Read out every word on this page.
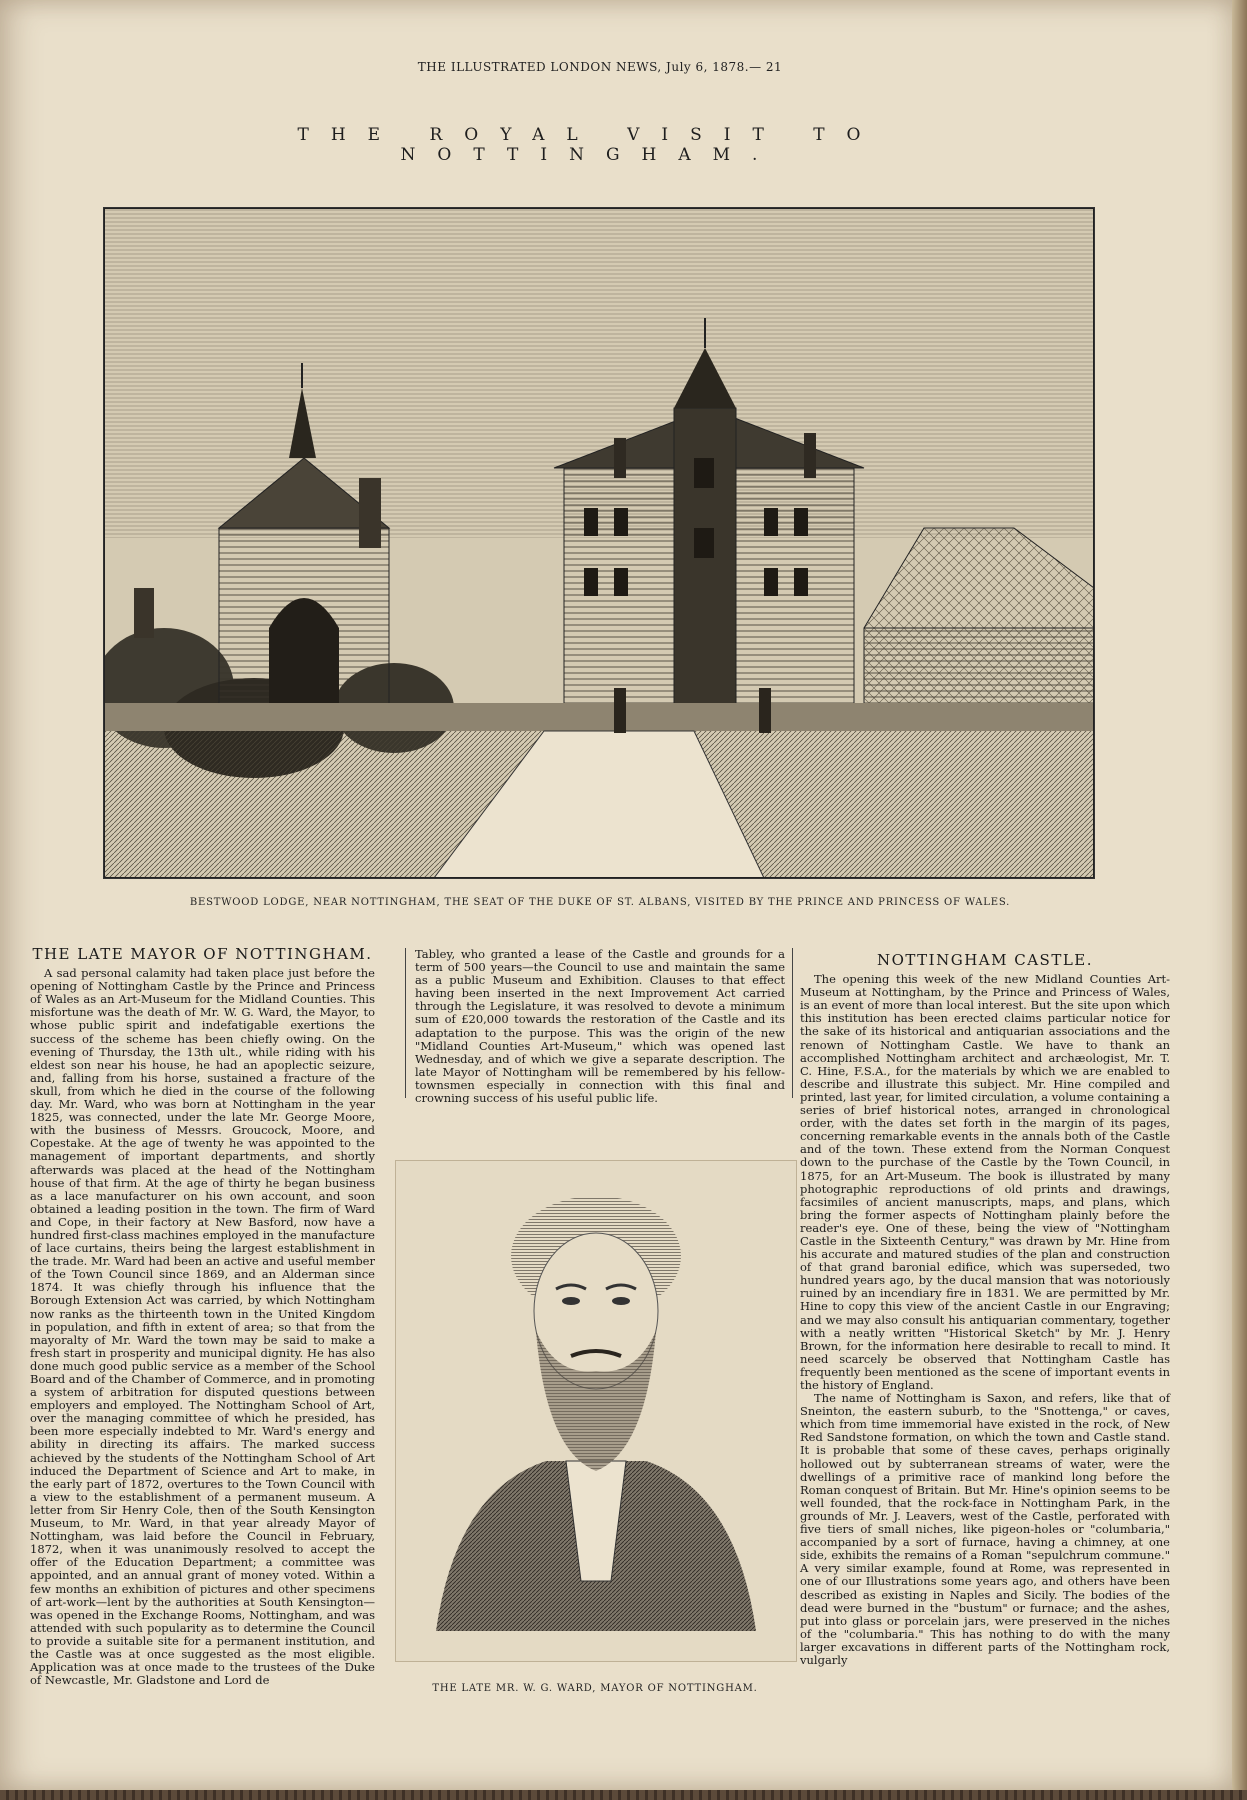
THE ILLUSTRATED LONDON NEWS, July 6, 1878.— 21
THE ROYAL VISIT TO NOTTINGHAM.
BESTWOOD LODGE, NEAR NOTTINGHAM, THE SEAT OF THE DUKE OF ST. ALBANS, VISITED BY THE PRINCE AND PRINCESS OF WALES.
THE LATE MAYOR OF NOTTINGHAM.

A sad personal calamity had taken place just before the opening of Nottingham Castle by the Prince and Princess of Wales as an Art-Museum for the Midland Counties. This misfortune was the death of Mr. W. G. Ward, the Mayor, to whose public spirit and indefatigable exertions the success of the scheme has been chiefly owing. On the evening of Thursday, the 13th ult., while riding with his eldest son near his house, he had an apoplectic seizure, and, falling from his horse, sustained a fracture of the skull, from which he died in the course of the following day. Mr. Ward, who was born at Nottingham in the year 1825, was connected, under the late Mr. George Moore, with the business of Messrs. Groucock, Moore, and Copestake. At the age of twenty he was appointed to the management of important departments, and shortly afterwards was placed at the head of the Nottingham house of that firm. At the age of thirty he began business as a lace manufacturer on his own account, and soon obtained a leading position in the town. The firm of Ward and Cope, in their factory at New Basford, now have a hundred first-class machines employed in the manufacture of lace curtains, theirs being the largest establishment in the trade. Mr. Ward had been an active and useful member of the Town Council since 1869, and an Alderman since 1874. It was chiefly through his influence that the Borough Extension Act was carried, by which Nottingham now ranks as the thirteenth town in the United Kingdom in population, and fifth in extent of area; so that from the mayoralty of Mr. Ward the town may be said to make a fresh start in prosperity and municipal dignity. He has also done much good public service as a member of the School Board and of the Chamber of Commerce, and in promoting a system of arbitration for disputed questions between employers and employed. The Nottingham School of Art, over the managing committee of which he presided, has been more especially indebted to Mr. Ward's energy and ability in directing its affairs. The marked success achieved by the students of the Nottingham School of Art induced the Department of Science and Art to make, in the early part of 1872, overtures to the Town Council with a view to the establishment of a permanent museum. A letter from Sir Henry Cole, then of the South Kensington Museum, to Mr. Ward, in that year already Mayor of Nottingham, was laid before the Council in February, 1872, when it was unanimously resolved to accept the offer of the Education Department; a committee was appointed, and an annual grant of money voted. Within a few months an exhibition of pictures and other specimens of art-work—lent by the authorities at South Kensington—was opened in the Exchange Rooms, Nottingham, and was attended with such popularity as to determine the Council to provide a suitable site for a permanent institution, and the Castle was at once suggested as the most eligible. Application was at once made to the trustees of the Duke of Newcastle, Mr. Gladstone and Lord de

Tabley, who granted a lease of the Castle and grounds for a term of 500 years—the Council to use and maintain the same as a public Museum and Exhibition. Clauses to that effect having been inserted in the next Improvement Act carried through the Legislature, it was resolved to devote a minimum sum of £20,000 towards the restoration of the Castle and its adaptation to the purpose. This was the origin of the new "Midland Counties Art-Museum," which was opened last Wednesday, and of which we give a separate description. The late Mayor of Nottingham will be remembered by his fellow-townsmen especially in connection with this final and crowning success of his useful public life.

THE LATE MR. W. G. WARD, MAYOR OF NOTTINGHAM.
NOTTINGHAM CASTLE.

The opening this week of the new Midland Counties Art-Museum at Nottingham, by the Prince and Princess of Wales, is an event of more than local interest. But the site upon which this institution has been erected claims particular notice for the sake of its historical and antiquarian associations and the renown of Nottingham Castle. We have to thank an accomplished Nottingham architect and archæologist, Mr. T. C. Hine, F.S.A., for the materials by which we are enabled to describe and illustrate this subject. Mr. Hine compiled and printed, last year, for limited circulation, a volume containing a series of brief historical notes, arranged in chronological order, with the dates set forth in the margin of its pages, concerning remarkable events in the annals both of the Castle and of the town. These extend from the Norman Conquest down to the purchase of the Castle by the Town Council, in 1875, for an Art-Museum. The book is illustrated by many photographic reproductions of old prints and drawings, facsimiles of ancient manuscripts, maps, and plans, which bring the former aspects of Nottingham plainly before the reader's eye. One of these, being the view of "Nottingham Castle in the Sixteenth Century," was drawn by Mr. Hine from his accurate and matured studies of the plan and construction of that grand baronial edifice, which was superseded, two hundred years ago, by the ducal mansion that was notoriously ruined by an incendiary fire in 1831. We are permitted by Mr. Hine to copy this view of the ancient Castle in our Engraving; and we may also consult his antiquarian commentary, together with a neatly written "Historical Sketch" by Mr. J. Henry Brown, for the information here desirable to recall to mind. It need scarcely be observed that Nottingham Castle has frequently been mentioned as the scene of important events in the history of England.

The name of Nottingham is Saxon, and refers, like that of Sneinton, the eastern suburb, to the "Snottenga," or caves, which from time immemorial have existed in the rock, of New Red Sandstone formation, on which the town and Castle stand. It is probable that some of these caves, perhaps originally hollowed out by subterranean streams of water, were the dwellings of a primitive race of mankind long before the Roman conquest of Britain. But Mr. Hine's opinion seems to be well founded, that the rock-face in Nottingham Park, in the grounds of Mr. J. Leavers, west of the Castle, perforated with five tiers of small niches, like pigeon-holes or "columbaria," accompanied by a sort of furnace, having a chimney, at one side, exhibits the remains of a Roman "sepulchrum commune." A very similar example, found at Rome, was represented in one of our Illustrations some years ago, and others have been described as existing in Naples and Sicily. The bodies of the dead were burned in the "bustum" or furnace; and the ashes, put into glass or porcelain jars, were preserved in the niches of the "columbaria." This has nothing to do with the many larger excavations in different parts of the Nottingham rock, vulgarly
